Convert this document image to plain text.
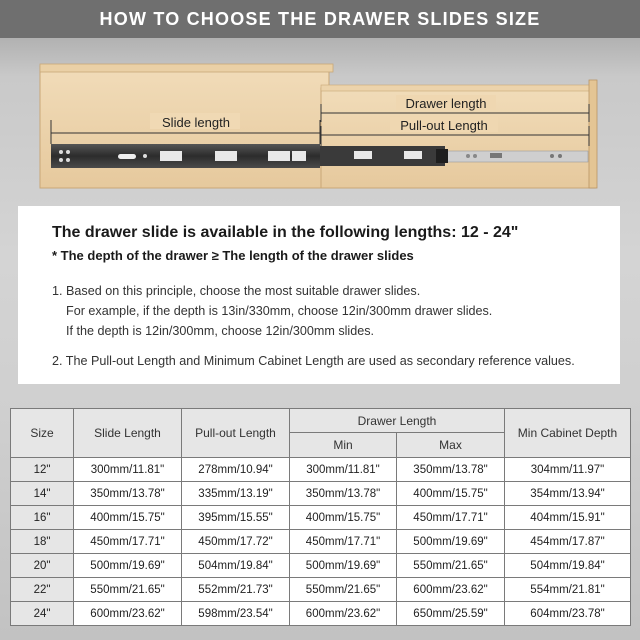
HOW TO CHOOSE THE DRAWER SLIDES SIZE
Slide length
Drawer length
Pull-out Length
The drawer slide is available in the following lengths: 12 - 24"
* The depth of the drawer ≥ The length of the drawer slides
1. Based on this principle, choose the most suitable drawer slides.
For example, if the depth is 13in/330mm, choose 12in/300mm drawer slides.
If the depth is 12in/300mm, choose 12in/300mm slides.
2. The Pull-out Length and Minimum Cabinet Length are used as secondary reference values.
Size	Slide Length	Pull-out Length	Drawer Length		Min Cabinet Depth
			Min	Max	
12"	300mm/11.81"	278mm/10.94"	300mm/11.81"	350mm/13.78"	304mm/11.97"
14"	350mm/13.78"	335mm/13.19"	350mm/13.78"	400mm/15.75"	354mm/13.94"
16"	400mm/15.75"	395mm/15.55"	400mm/15.75"	450mm/17.71"	404mm/15.91"
18"	450mm/17.71"	450mm/17.72"	450mm/17.71"	500mm/19.69"	454mm/17.87"
20"	500mm/19.69"	504mm/19.84"	500mm/19.69"	550mm/21.65"	504mm/19.84"
22"	550mm/21.65"	552mm/21.73"	550mm/21.65"	600mm/23.62"	554mm/21.81"
24"	600mm/23.62"	598mm/23.54"	600mm/23.62"	650mm/25.59"	604mm/23.78"
